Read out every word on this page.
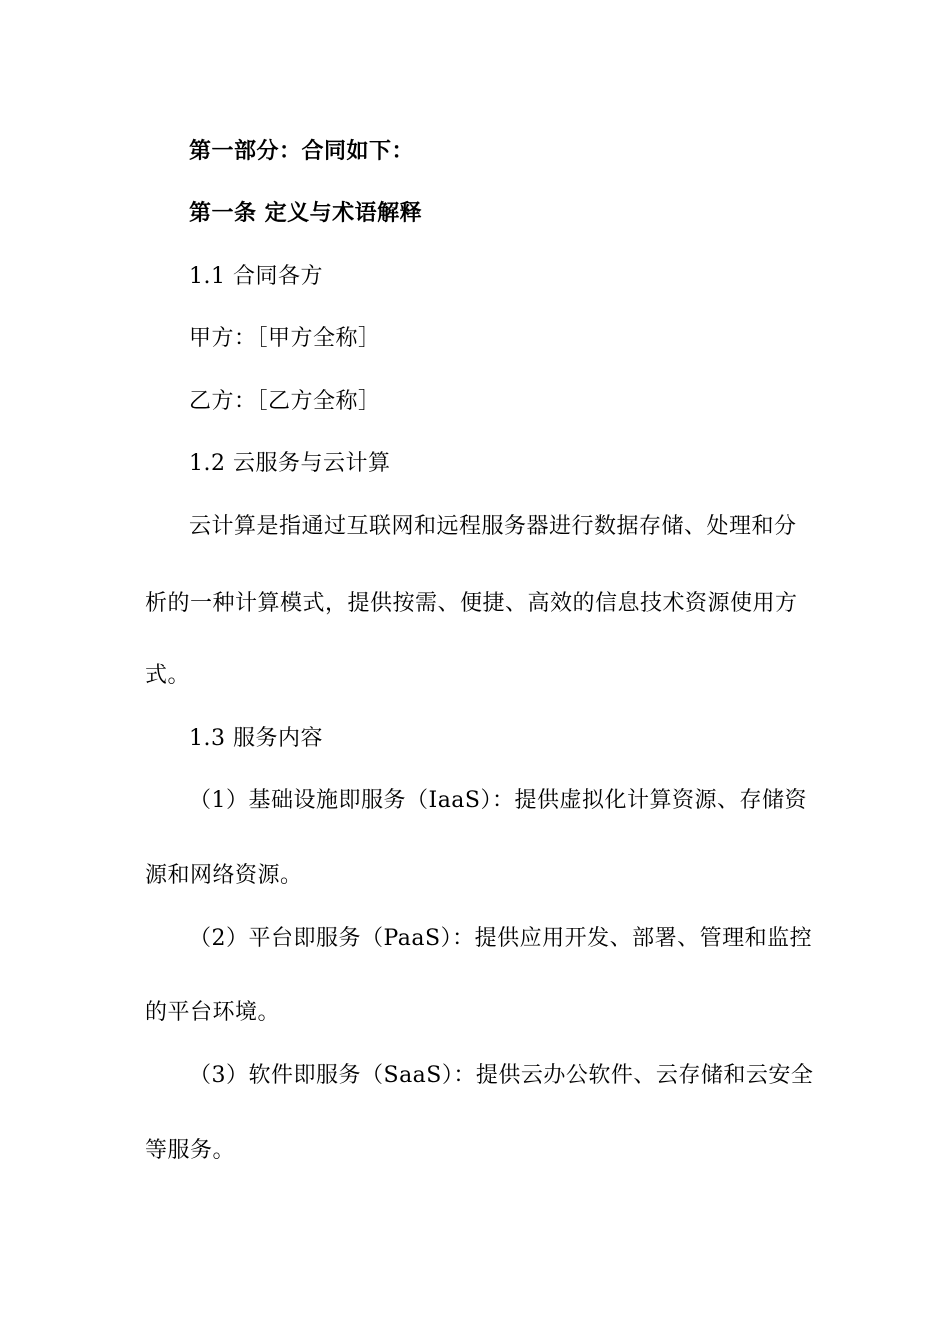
第一部分：合同如下：
第一条 定义与术语解释
1.1 合同各方
甲方：［甲方全称］
乙方：［乙方全称］
1.2 云服务与云计算
云计算是指通过互联网和远程服务器进行数据存储、处理和分
析的一种计算模式，提供按需、便捷、高效的信息技术资源使用方
式。
1.3 服务内容
（1）基础设施即服务（IaaS）：提供虚拟化计算资源、存储资
源和网络资源。
（2）平台即服务（PaaS）：提供应用开发、部署、管理和监控
的平台环境。
（3）软件即服务（SaaS）：提供云办公软件、云存储和云安全
等服务。
